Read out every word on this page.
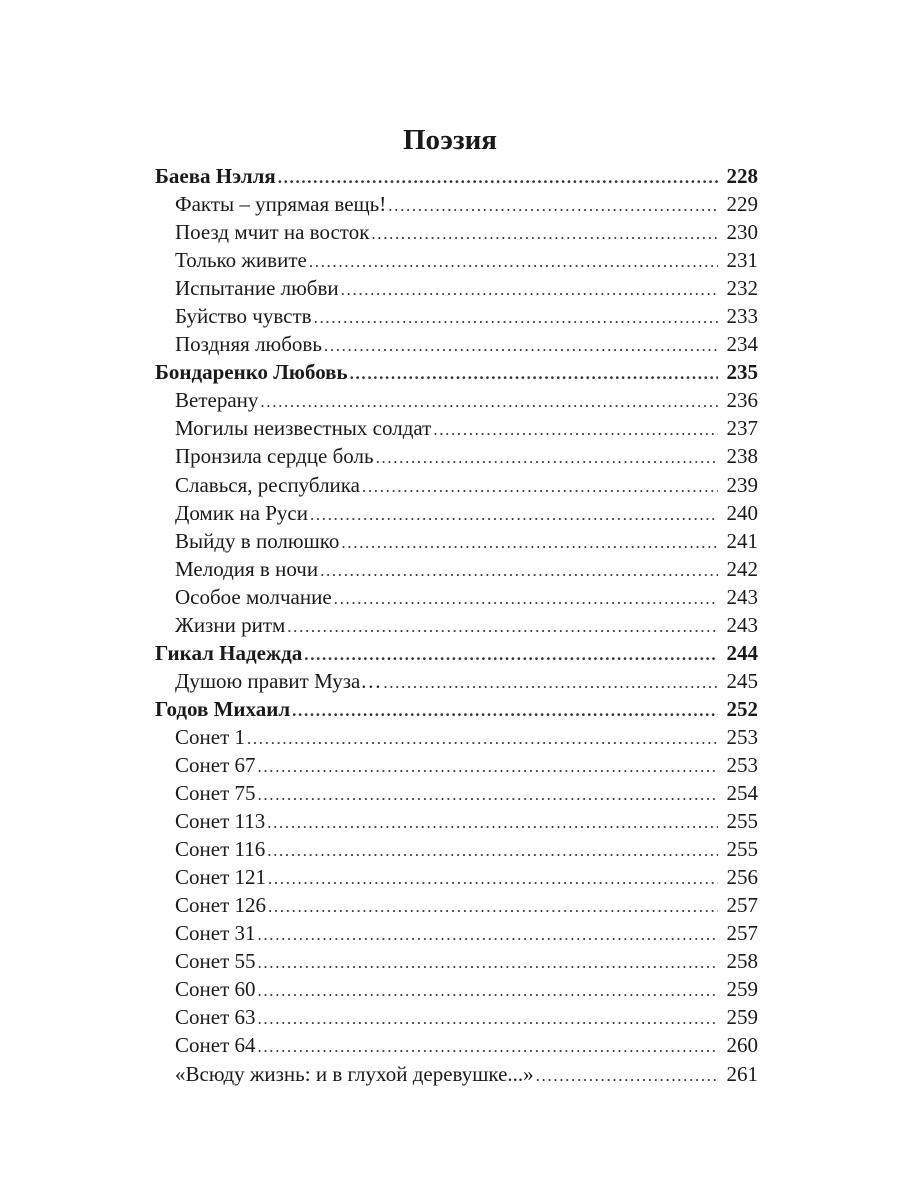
Поэзия
Баева Нэлля . . .	228
Факты – упрямая вещь! . . .	229
Поезд мчит на восток . . .	230
Только живите . . .	231
Испытание любви . . .	232
Буйство чувств . . .	233
Поздняя любовь . . .	234
Бондаренко Любовь . . .	235
Ветерану . . .	236
Могилы неизвестных солдат . . .	237
Пронзила сердце боль . . .	238
Славься, республика . . .	239
Домик на Руси . . .	240
Выйду в полюшко . . .	241
Мелодия в ночи . . .	242
Особое молчание . . .	243
Жизни ритм . . .	243
Гикал Надежда . . .	244
Душою правит Муза… . . .	245
Годов Михаил . . .	252
Сонет 1 . . .	253
Сонет 67 . . .	253
Сонет 75 . . .	254
Сонет 113 . . .	255
Сонет 116 . . .	255
Сонет 121 . . .	256
Сонет 126 . . .	257
Сонет 31 . . .	257
Сонет 55 . . .	258
Сонет 60 . . .	259
Сонет 63 . . .	259
Сонет 64 . . .	260
«Всюду жизнь: и в глухой деревушке...» . . .	261
